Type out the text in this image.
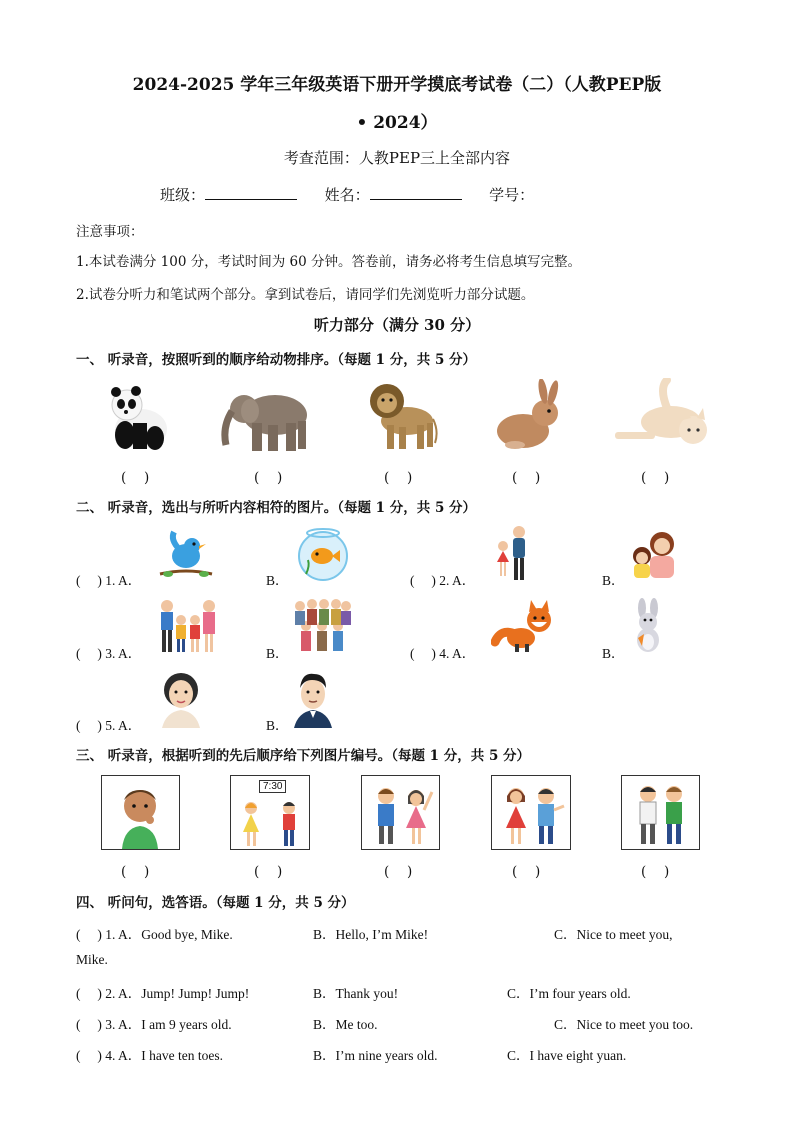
2024-2025 学年三年级英语下册开学摸底考试卷（二）（人教PEP版
• 2024）
考查范围：人教PEP三上全部内容
班级：	姓名：	学号：
注意事项：
1.本试卷满分 100 分，考试时间为 60 分钟。答卷前，请务必将考生信息填写完整。
2.试卷分听力和笔试两个部分。拿到试卷后，请同学们先浏览听力部分试题。
听力部分（满分 30 分）
一、 听录音，按照听到的顺序给动物排序。（每题 1 分，共 5 分）
(　 )	(　 )	(　 )	(　 )	(　 )
二、 听录音，选出与所听内容相符的图片。（每题 1 分，共 5 分）
(　 ) 1. A．	B．	(　 ) 2. A．	B．
(　 ) 3. A．	B．	(　 ) 4. A．	B．
(　 ) 5. A．	B．
三、 听录音，根据听到的先后顺序给下列图片编号。（每题 1 分，共 5 分）
7:30
(　 )	(　 )	(　 )	(　 )	(　 )
四、 听问句，选答语。（每题 1 分，共 5 分）
(　 ) 1. A．Good bye, Mike.	B．Hello, I’m Mike!	C．Nice to meet you,
Mike.
(　 ) 2. A．Jump! Jump! Jump!	B．Thank you!	C．I’m four years old.
(　 ) 3. A．I am 9 years old.	B．Me too.	C．Nice to meet you too.
(　 ) 4. A．I have ten toes.	B．I’m nine years old.	C．I have eight yuan.
